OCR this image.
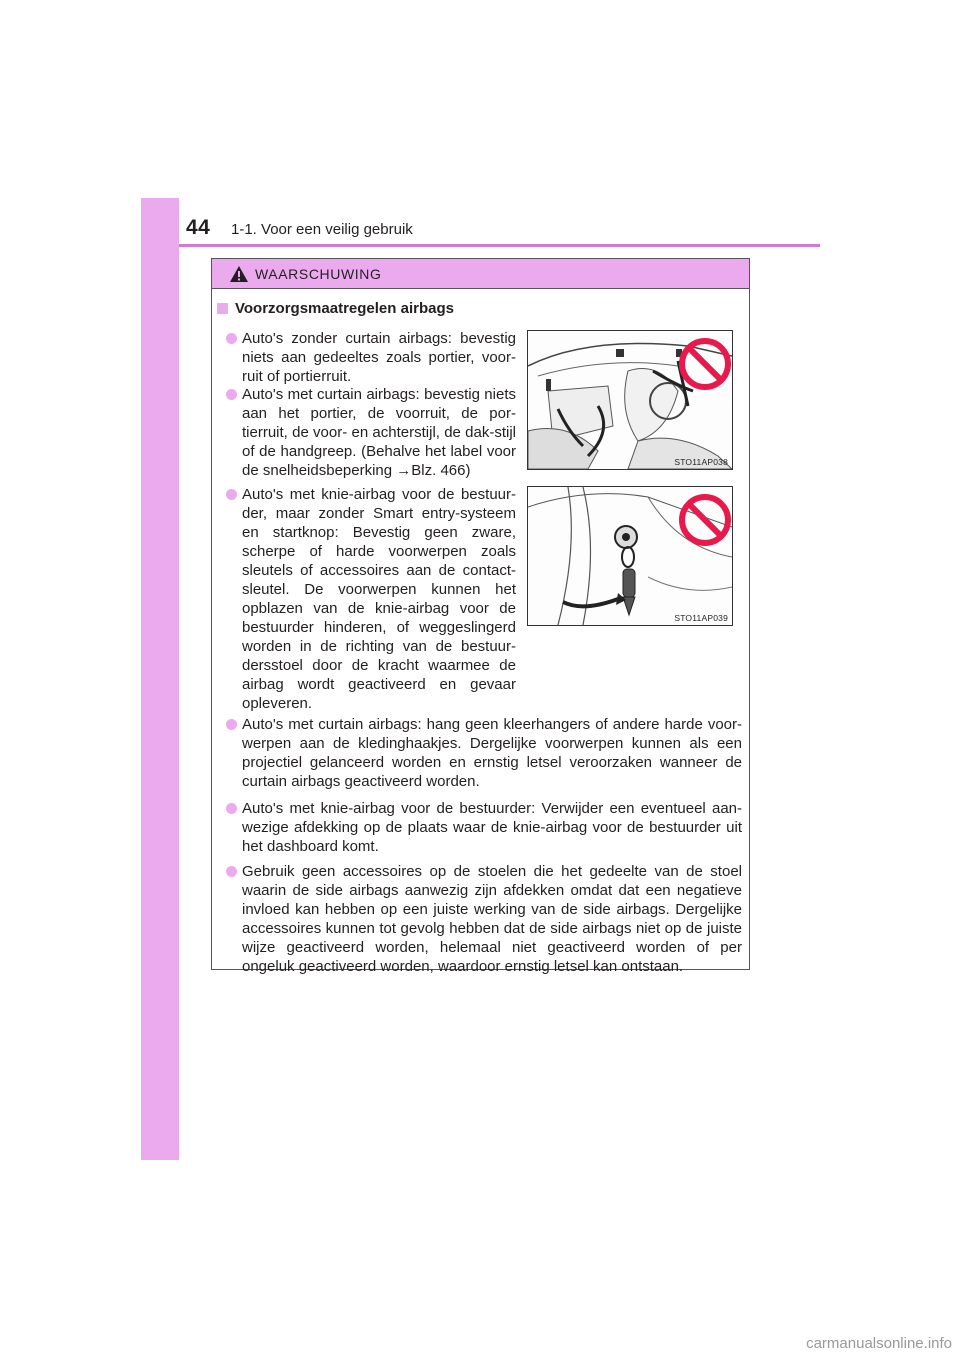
44 1-1. Voor een veilig gebruik
WAARSCHUWING
Voorzorgsmaatregelen airbags
Auto's zonder curtain airbags: bevestig niets aan gedeeltes zoals portier, voor-ruit of portierruit.
Auto's met curtain airbags: bevestig niets aan het portier, de voorruit, de por-tierruit, de voor- en achterstijl, de dak-stijl of de handgreep. (Behalve het label voor de snelheidsbeperking →Blz. 466)
Auto's met knie-airbag voor de bestuur-der, maar zonder Smart entry-systeem en startknop: Bevestig geen zware, scherpe of harde voorwerpen zoals sleutels of accessoires aan de contact-sleutel. De voorwerpen kunnen het opblazen van de knie-airbag voor de bestuurder hinderen, of weggeslingerd worden in de richting van de bestuur-dersstoel door de kracht waarmee de airbag wordt geactiveerd en gevaar opleveren.
STO11AP038
STO11AP039
Auto's met curtain airbags: hang geen kleerhangers of andere harde voor-werpen aan de kledinghaakjes. Dergelijke voorwerpen kunnen als een projectiel gelanceerd worden en ernstig letsel veroorzaken wanneer de curtain airbags geactiveerd worden.
Auto's met knie-airbag voor de bestuurder: Verwijder een eventueel aan-wezige afdekking op de plaats waar de knie-airbag voor de bestuurder uit het dashboard komt.
Gebruik geen accessoires op de stoelen die het gedeelte van de stoel waarin de side airbags aanwezig zijn afdekken omdat dat een negatieve invloed kan hebben op een juiste werking van de side airbags. Dergelijke accessoires kunnen tot gevolg hebben dat de side airbags niet op de juiste wijze geactiveerd worden, helemaal niet geactiveerd worden of per ongeluk geactiveerd worden, waardoor ernstig letsel kan ontstaan.
carmanualsonline.info
